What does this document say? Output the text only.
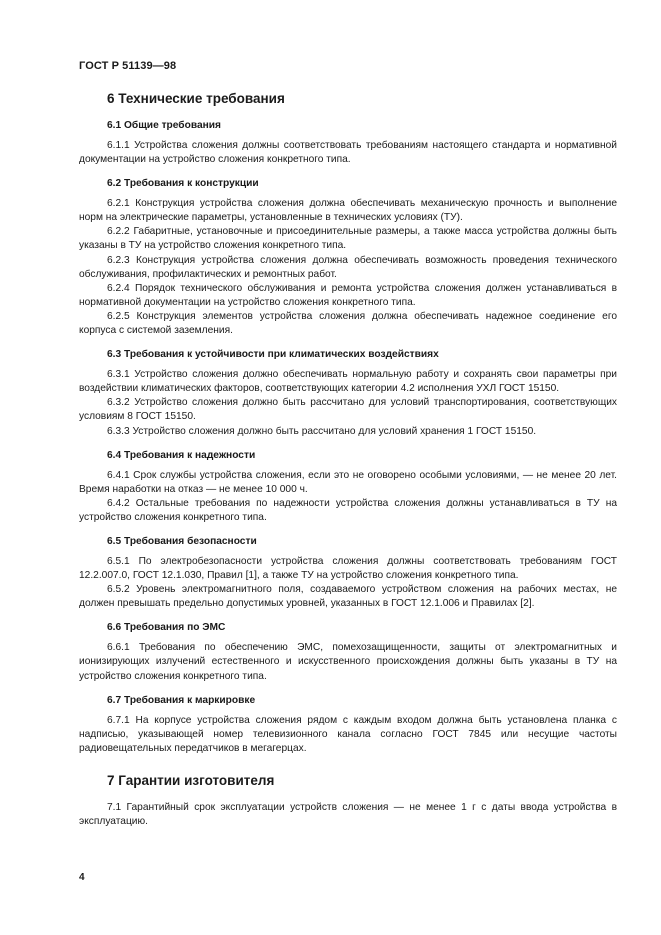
ГОСТ Р 51139—98
6 Технические требования
6.1 Общие требования

6.1.1 Устройства сложения должны соответствовать требованиям настоящего стандарта и нормативной документации на устройство сложения конкретного типа.

6.2 Требования к конструкции

6.2.1 Конструкция устройства сложения должна обеспечивать механическую прочность и выполнение норм на электрические параметры, установленные в технических условиях (ТУ).

6.2.2 Габаритные, установочные и присоединительные размеры, а также масса устройства должны быть указаны в ТУ на устройство сложения конкретного типа.

6.2.3 Конструкция устройства сложения должна обеспечивать возможность проведения технического обслуживания, профилактических и ремонтных работ.

6.2.4 Порядок технического обслуживания и ремонта устройства сложения должен устанавливаться в нормативной документации на устройство сложения конкретного типа.

6.2.5 Конструкция элементов устройства сложения должна обеспечивать надежное соединение его корпуса с системой заземления.

6.3 Требования к устойчивости при климатических воздействиях

6.3.1 Устройство сложения должно обеспечивать нормальную работу и сохранять свои параметры при воздействии климатических факторов, соответствующих категории 4.2 исполнения УХЛ ГОСТ 15150.

6.3.2 Устройство сложения должно быть рассчитано для условий транспортирования, соответствующих условиям 8 ГОСТ 15150.

6.3.3 Устройство сложения должно быть рассчитано для условий хранения 1 ГОСТ 15150.

6.4 Требования к надежности

6.4.1 Срок службы устройства сложения, если это не оговорено особыми условиями, — не менее 20 лет. Время наработки на отказ — не менее 10 000 ч.

6.4.2 Остальные требования по надежности устройства сложения должны устанавливаться в ТУ на устройство сложения конкретного типа.

6.5 Требования безопасности

6.5.1 По электробезопасности устройства сложения должны соответствовать требованиям ГОСТ 12.2.007.0, ГОСТ 12.1.030, Правил [1], а также ТУ на устройство сложения конкретного типа.

6.5.2 Уровень электромагнитного поля, создаваемого устройством сложения на рабочих местах, не должен превышать предельно допустимых уровней, указанных в ГОСТ 12.1.006 и Правилах [2].

6.6 Требования по ЭМС

6.6.1 Требования по обеспечению ЭМС, помехозащищенности, защиты от электромагнитных и ионизирующих излучений естественного и искусственного происхождения должны быть указаны в ТУ на устройство сложения конкретного типа.

6.7 Требования к маркировке

6.7.1 На корпусе устройства сложения рядом с каждым входом должна быть установлена планка с надписью, указывающей номер телевизионного канала согласно ГОСТ 7845 или несущие частоты радиовещательных передатчиков в мегагерцах.

7 Гарантии изготовителя

7.1 Гарантийный срок эксплуатации устройств сложения — не менее 1 г с даты ввода устройства в эксплуатацию.

4
